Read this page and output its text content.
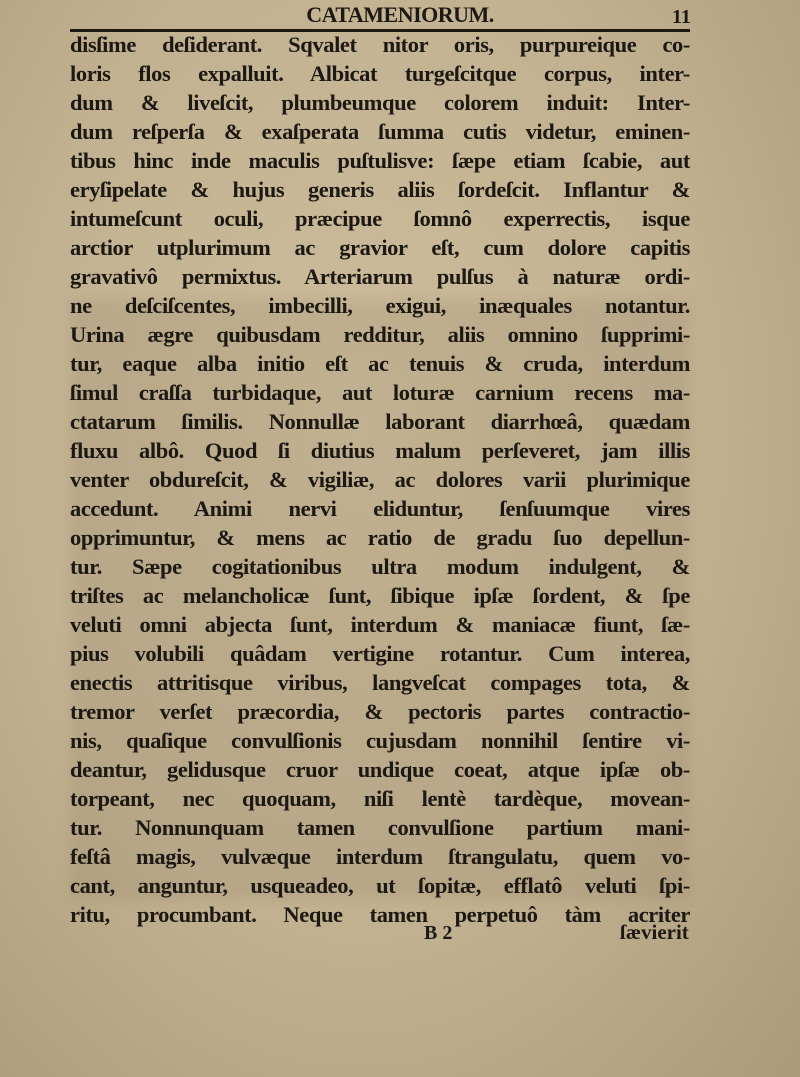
CATAMENIORUM.	11
disſime deſiderant. Sqvalet nitor oris, purpureique co-
loris flos expalluit. Albicat turgeſcitque corpus, inter-
dum & liveſcit, plumbeumque colorem induit: Inter-
dum reſperſa & exaſperata ſumma cutis videtur, eminen-
tibus hinc inde maculis puſtulisve: ſæpe etiam ſcabie, aut
eryſipelate & hujus generis aliis ſordeſcit. Inflantur &
intumeſcunt oculi, præcipue ſomnô experrectis, isque
arctior utplurimum ac gravior eſt, cum dolore capitis
gravativô permixtus. Arteriarum pulſus à naturæ ordi-
ne deſciſcentes, imbecilli, exigui, inæquales notantur.
Urina ægre quibusdam redditur, aliis omnino ſupprimi-
tur, eaque alba initio eſt ac tenuis & cruda, interdum
ſimul craſſa turbidaque, aut loturæ carnium recens ma-
ctatarum ſimilis. Nonnullæ laborant diarrhœâ, quædam
fluxu albô. Quod ſi diutius malum perſeveret, jam illis
venter obdureſcit, & vigiliæ, ac dolores varii plurimique
accedunt. Animi nervi eliduntur, ſenſuumque vires
opprimuntur, & mens ac ratio de gradu ſuo depellun-
tur. Sæpe cogitationibus ultra modum indulgent, &
triſtes ac melancholicæ ſunt, ſibique ipſæ ſordent, & ſpe
veluti omni abjecta ſunt, interdum & maniacæ fiunt, ſæ-
pius volubili quâdam vertigine rotantur. Cum interea,
enectis attritisque viribus, langveſcat compages tota, &
tremor verſet præcordia, & pectoris partes contractio-
nis, quaſique convulſionis cujusdam nonnihil ſentire vi-
deantur, gelidusque cruor undique coeat, atque ipſæ ob-
torpeant, nec quoquam, niſi lentè tardèque, movean-
tur. Nonnunquam tamen convulſione partium mani-
feſtâ magis, vulvæque interdum ſtrangulatu, quem vo-
cant, anguntur, usqueadeo, ut ſopitæ, efflatô veluti ſpi-
ritu, procumbant. Neque tamen perpetuô tàm acriter
B 2	ſævierit
